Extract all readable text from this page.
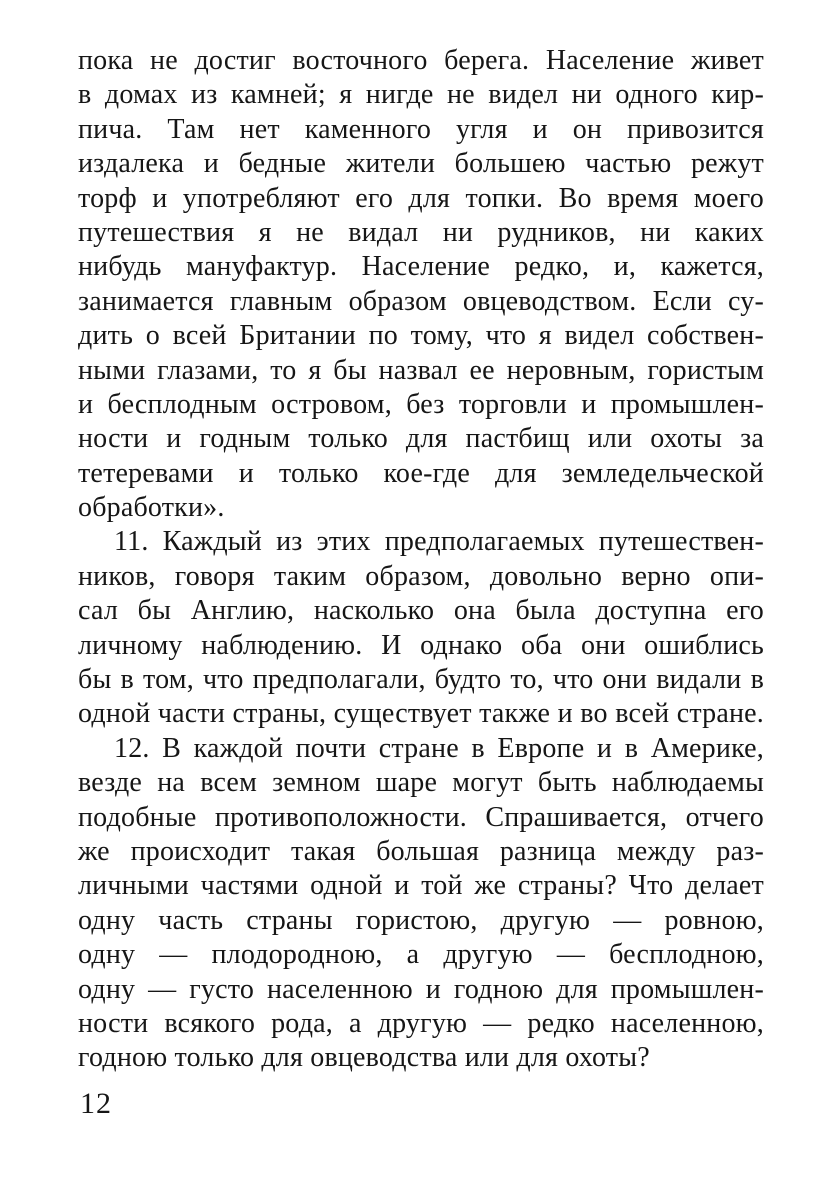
пока не достиг восточного берега. Население живет
в домах из камней; я нигде не видел ни одного кир-
пича. Там нет каменного угля и он привозится
издалека и бедные жители большею частью режут
торф и употребляют его для топки. Во время моего
путешествия я не видал ни рудников, ни каких
нибудь мануфактур. Население редко, и, кажется,
занимается главным образом овцеводством. Если су-
дить о всей Британии по тому, что я видел собствен-
ными глазами, то я бы назвал ее неровным, гористым
и бесплодным островом, без торговли и промышлен-
ности и годным только для пастбищ или охоты за
тетеревами и только кое-где для земледельческой
обработки».
11. Каждый из этих предполагаемых путешествен-
ников, говоря таким образом, довольно верно опи-
сал бы Англию, насколько она была доступна его
личному наблюдению. И однако оба они ошиблись
бы в том, что предполагали, будто то, что они видали в
одной части страны, существует также и во всей стране.
12. В каждой почти стране в Европе и в Америке,
везде на всем земном шаре могут быть наблюдаемы
подобные противоположности. Спрашивается, отчего
же происходит такая большая разница между раз-
личными частями одной и той же страны? Что делает
одну часть страны гористою, другую — ровною,
одну — плодородною, а другую — бесплодною,
одну — густо населенною и годною для промышлен-
ности всякого рода, а другую — редко населенною,
годною только для овцеводства или для охоты?
12
